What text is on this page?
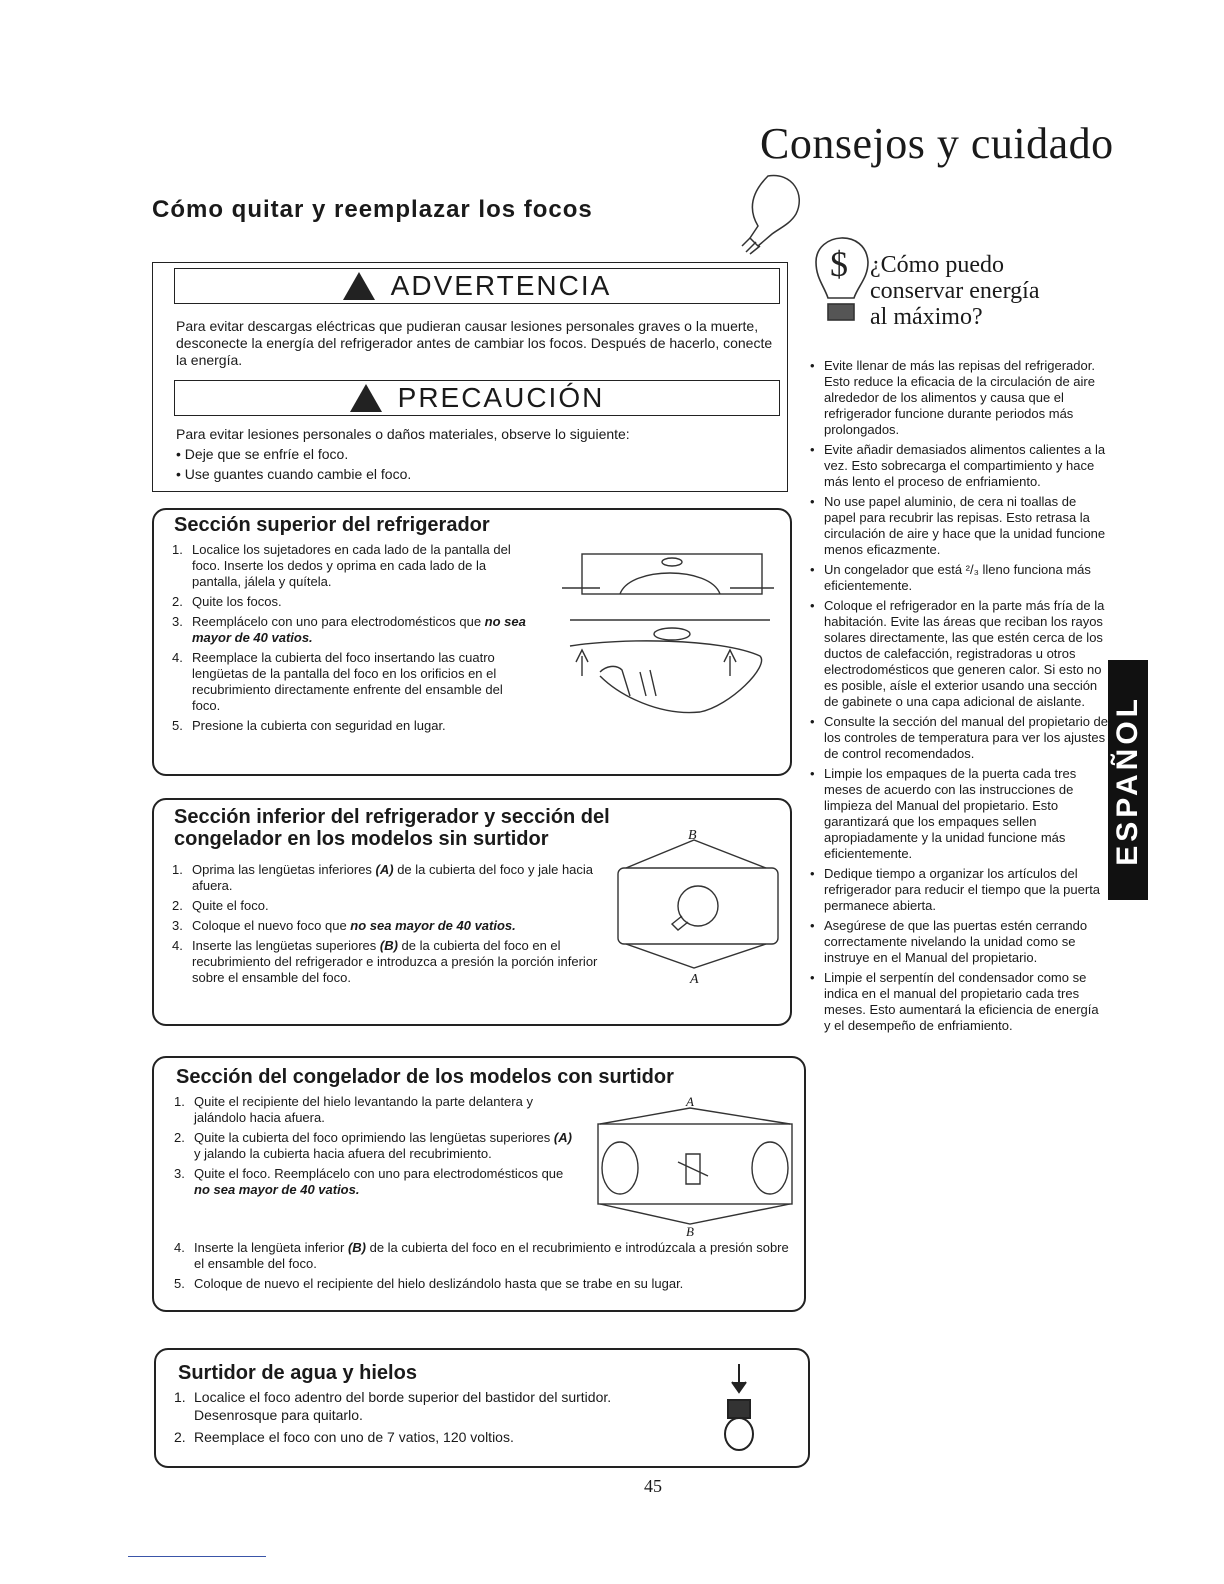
Consejos y cuidado
Cómo quitar y reemplazar los focos
ADVERTENCIA
Para evitar descargas eléctricas que pudieran causar lesiones personales graves o la muerte, desconecte la energía del refrigerador antes de cambiar los focos. Después de hacerlo, conecte la energía.
PRECAUCIÓN
Para evitar lesiones personales o daños materiales, observe lo siguiente:
• Deje que se enfríe el foco.
• Use guantes cuando cambie el foco.
Sección superior del refrigerador
1. Localice los sujetadores en cada lado de la pantalla del foco. Inserte los dedos y oprima en cada lado de la pantalla, jálela y quítela.
2. Quite los focos.
3. Reemplácelo con uno para electrodomésticos que no sea mayor de 40 vatios.
4. Reemplace la cubierta del foco insertando las cuatro lengüetas de la pantalla del foco en los orificios en el recubrimiento directamente enfrente del ensamble del foco.
5. Presione la cubierta con seguridad en lugar.
Sección inferior del refrigerador y sección del congelador en los modelos sin surtidor
1. Oprima las lengüetas inferiores (A) de la cubierta del foco y jale hacia afuera.
2. Quite el foco.
3. Coloque el nuevo foco que no sea mayor de 40 vatios.
4. Inserte las lengüetas superiores (B) de la cubierta del foco en el recubrimiento del refrigerador e introduzca a presión la porción inferior sobre el ensamble del foco.
B
A
Sección del congelador de los modelos con surtidor
1. Quite el recipiente del hielo levantando la parte delantera y jalándolo hacia afuera.
2. Quite la cubierta del foco oprimiendo las lengüetas superiores (A) y jalando la cubierta hacia afuera del recubrimiento.
3. Quite el foco. Reemplácelo con uno para electrodomésticos que no sea mayor de 40 vatios.
4. Inserte la lengüeta inferior (B) de la cubierta del foco en el recubrimiento e introdúzcala a presión sobre el ensamble del foco.
5. Coloque de nuevo el recipiente del hielo deslizándolo hasta que se trabe en su lugar.
A
B
Surtidor de agua y hielos
1. Localice el foco adentro del borde superior del bastidor del surtidor. Desenrosque para quitarlo.
2. Reemplace el foco con uno de 7 vatios, 120 voltios.
$ ¿Cómo puedo
conservar energía
al máximo?
• Evite llenar de más las repisas del refrigerador. Esto reduce la eficacia de la circulación de aire alrededor de los alimentos y causa que el refrigerador funcione durante periodos más prolongados.
• Evite añadir demasiados alimentos calientes a la vez. Esto sobrecarga el compartimiento y hace más lento el proceso de enfriamiento.
• No use papel aluminio, de cera ni toallas de papel para recubrir las repisas. Esto retrasa la circulación de aire y hace que la unidad funcione menos eficazmente.
• Un congelador que está ²/₃ lleno funciona más eficientemente.
• Coloque el refrigerador en la parte más fría de la habitación. Evite las áreas que reciban los rayos solares directamente, las que estén cerca de los ductos de calefacción, registradoras u otros electrodomésticos que generen calor. Si esto no es posible, aísle el exterior usando una sección de gabinete o una capa adicional de aislante.
• Consulte la sección del manual del propietario de los controles de temperatura para ver los ajustes de control recomendados.
• Limpie los empaques de la puerta cada tres meses de acuerdo con las instrucciones de limpieza del Manual del propietario. Esto garantizará que los empaques sellen apropiadamente y la unidad funcione más eficientemente.
• Dedique tiempo a organizar los artículos del refrigerador para reducir el tiempo que la puerta permanece abierta.
• Asegúrese de que las puertas estén cerrando correctamente nivelando la unidad como se instruye en el Manual del propietario.
• Limpie el serpentín del condensador como se indica en el manual del propietario cada tres meses. Esto aumentará la eficiencia de energía y el desempeño de enfriamiento.
ESPAÑOL
45
